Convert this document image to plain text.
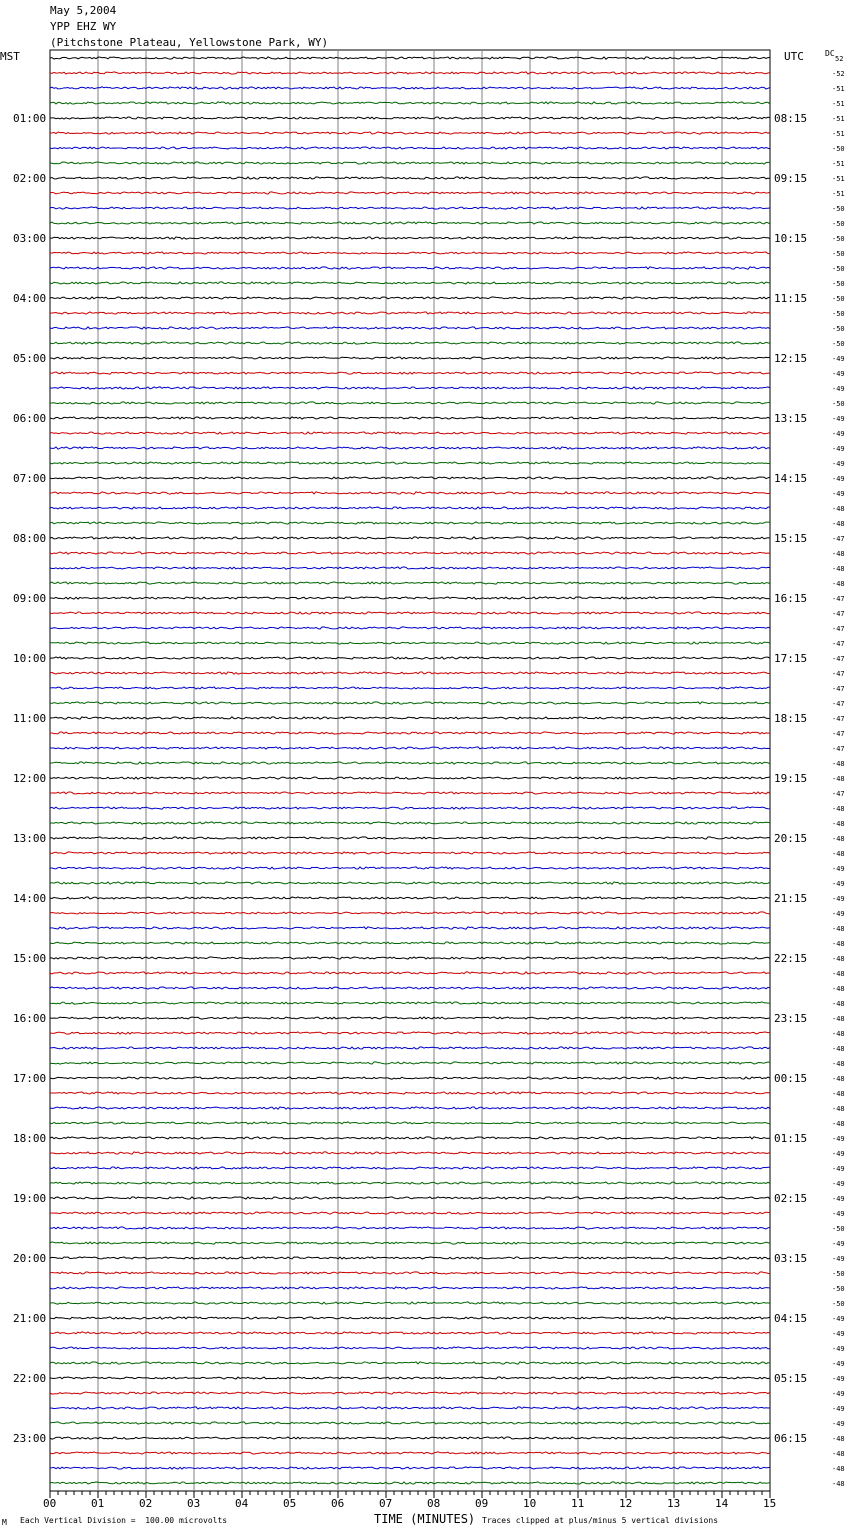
May 5,2004
YPP EHZ WY
(Pitchstone Plateau, Yellowstone Park, WY)
MST	UTC	DC
52
-52
-51
-51
-51
-51
-50
-51
-51
-51
-50
-50
-50
-50
-50
-50
-50
-50
-50
-50
-49
-49
-49
-50
-49
-49
-49
-49
-49
-49
-48
-48
-47
-48
-48
-48
-47
-47
-47
-47
-47
-47
-47
-47
-47
-47
-47
-48
-48
-47
-48
-48
-48
-48
-49
-49
-49
-49
-48
-48
-48
-48
-48
-48
-48
-48
-48
-48
-48
-48
-48
-48
-49
-49
-49
-49
-49
-49
-50
-49
-49
-50
-50
-50
-49
-49
-49
-49
-49
-49
-49
-49
-48
-48
-48
-48
01:00
02:00
03:00
04:00
05:00
06:00
07:00
08:00
09:00
10:00
11:00
12:00
13:00
14:00
15:00
16:00
17:00
18:00
19:00
20:00
21:00
22:00
23:00
08:15
09:15
10:15
11:15
12:15
13:15
14:15
15:15
16:15
17:15
18:15
19:15
20:15
21:15
22:15
23:15
00:15
01:15
02:15
03:15
04:15
05:15
06:15
00	01	02	03	04	05	06	07	08	09	10	11	12	13	14	15
TIME (MINUTES)
M Each Vertical Division =  100.00 microvolts	Traces clipped at plus/minus 5 vertical divisions
